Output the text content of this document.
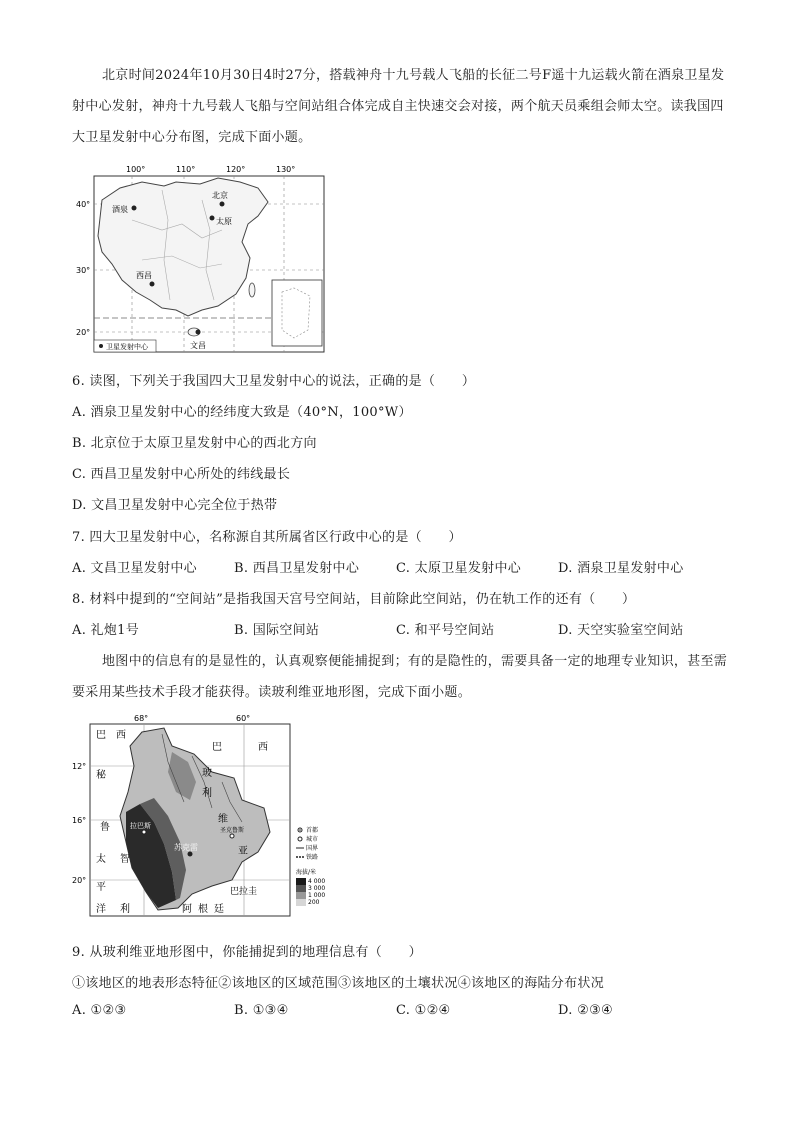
北京时间2024年10月30日4时27分，搭载神舟十九号载人飞船的长征二号F遥十九运载火箭在酒泉卫星发射中心发射，神舟十九号载人飞船与空间站组合体完成自主快速交会对接，两个航天员乘组会师太空。读我国四大卫星发射中心分布图，完成下面小题。
100°	110°	120°	130°
40°
30°
20°
酒泉
北京
太原
西昌
文昌
卫星发射中心
6. 读图，下列关于我国四大卫星发射中心的说法，正确的是（　　）
A. 酒泉卫星发射中心的经纬度大致是（40°N，100°W）
B. 北京位于太原卫星发射中心的西北方向
C. 西昌卫星发射中心所处的纬线最长
D. 文昌卫星发射中心完全位于热带
7. 四大卫星发射中心，名称源自其所属省区行政中心的是（　　）
A. 文昌卫星发射中心	B. 西昌卫星发射中心	C. 太原卫星发射中心	D. 酒泉卫星发射中心
8. 材料中提到的“空间站”是指我国天宫号空间站，目前除此空间站，仍在轨工作的还有（　　）
A. 礼炮1号	B. 国际空间站	C. 和平号空间站	D. 天空实验室空间站
地图中的信息有的是显性的，认真观察便能捕捉到；有的是隐性的，需要具备一定的地理专业知识，甚至需要采用某些技术手段才能获得。读玻利维亚地形图，完成下面小题。
苏克雷
拉巴斯
圣克鲁斯
68°	60°
12°
16°
20°
巴 西
巴	西
秘
鲁
太
平
洋
智
利	阿 根 廷
巴拉圭
玻
利
维
亚
首都
城市
国界
铁路
海拔/米
4 000
3 000
1 000
200
9. 从玻利维亚地形图中，你能捕捉到的地理信息有（　　）
①该地区的地表形态特征②该地区的区域范围③该地区的土壤状况④该地区的海陆分布状况
A. ①②③	B. ①③④	C. ①②④	D. ②③④
